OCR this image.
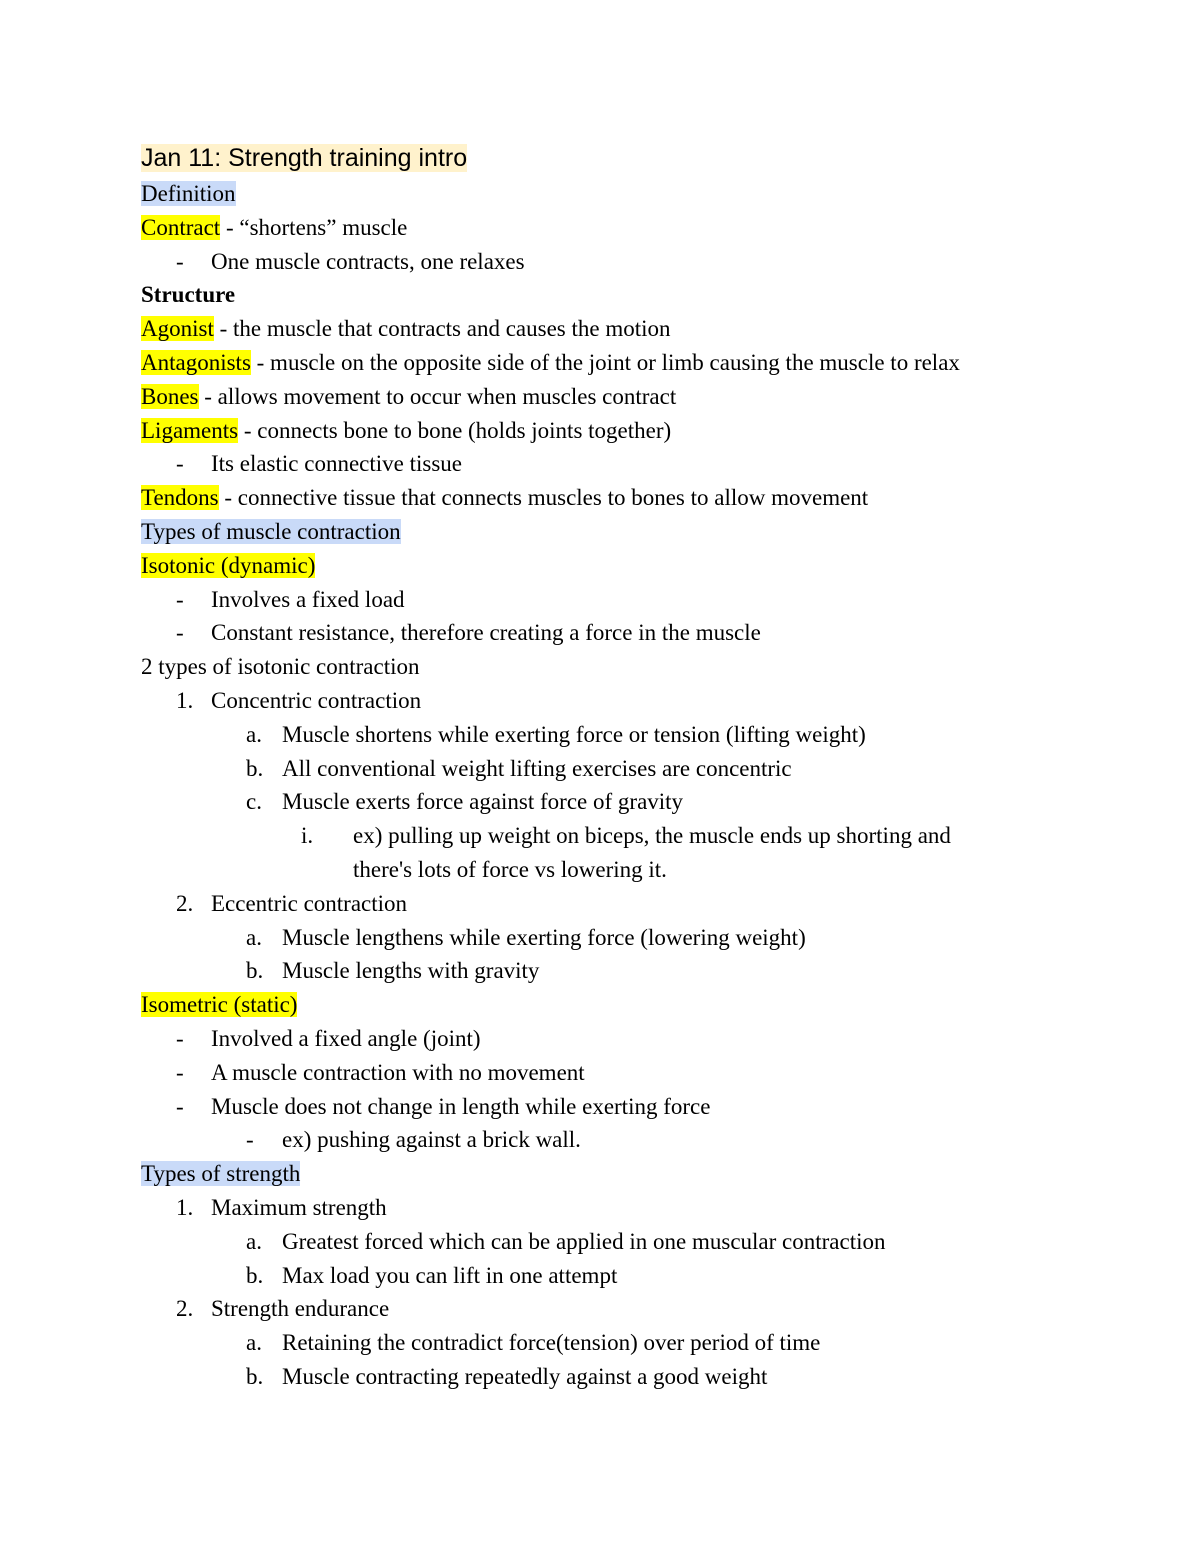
Jan 11: Strength training intro
Definition
Contract - “shortens” muscle
- One muscle contracts, one relaxes
Structure
Agonist - the muscle that contracts and causes the motion
Antagonists - muscle on the opposite side of the joint or limb causing the muscle to relax
Bones - allows movement to occur when muscles contract
Ligaments - connects bone to bone (holds joints together)
- Its elastic connective tissue
Tendons - connective tissue that connects muscles to bones to allow movement
Types of muscle contraction
Isotonic (dynamic)
- Involves a fixed load
- Constant resistance, therefore creating a force in the muscle
2 types of isotonic contraction
1. Concentric contraction
a. Muscle shortens while exerting force or tension (lifting weight)
b. All conventional weight lifting exercises are concentric
c. Muscle exerts force against force of gravity
i. ex) pulling up weight on biceps, the muscle ends up shorting and
there's lots of force vs lowering it.
2. Eccentric contraction
a. Muscle lengthens while exerting force (lowering weight)
b. Muscle lengths with gravity
Isometric (static)
- Involved a fixed angle (joint)
- A muscle contraction with no movement
- Muscle does not change in length while exerting force
- ex) pushing against a brick wall.
Types of strength
1. Maximum strength
a. Greatest forced which can be applied in one muscular contraction
b. Max load you can lift in one attempt
2. Strength endurance
a. Retaining the contradict force(tension) over period of time
b. Muscle contracting repeatedly against a good weight
